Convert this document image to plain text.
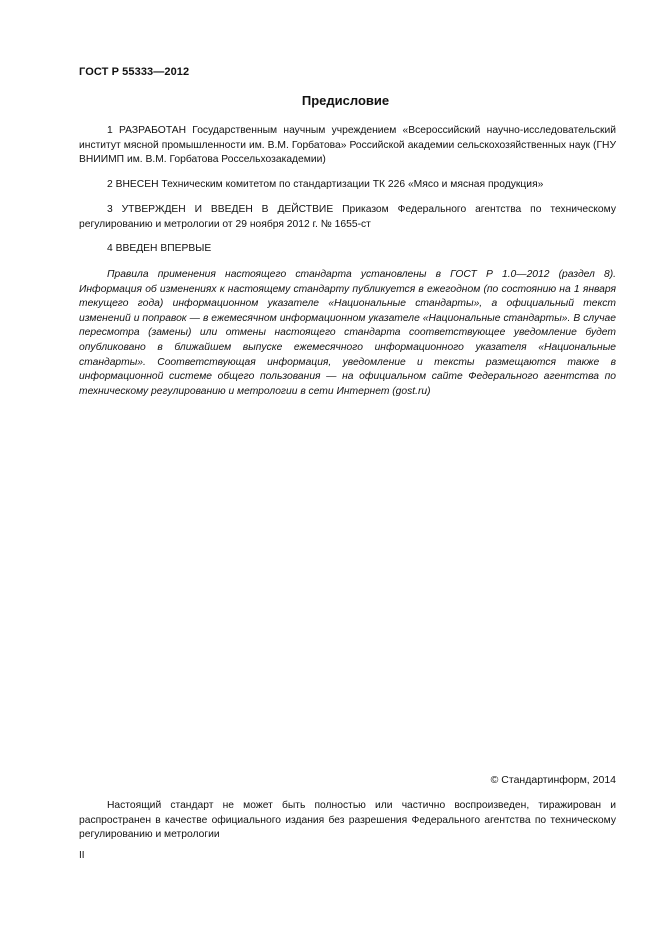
ГОСТ Р 55333—2012
Предисловие
1 РАЗРАБОТАН Государственным научным учреждением «Всероссийский научно-исследовательский институт мясной промышленности им. В.М. Горбатова» Российской академии сельскохозяйственных наук (ГНУ ВНИИМП им. В.М. Горбатова Россельхозакадемии)
2 ВНЕСЕН Техническим комитетом по стандартизации ТК 226 «Мясо и мясная продукция»
3 УТВЕРЖДЕН И ВВЕДЕН В ДЕЙСТВИЕ Приказом Федерального агентства по техническому регулированию и метрологии от 29 ноября 2012 г. № 1655-ст
4 ВВЕДЕН ВПЕРВЫЕ
Правила применения настоящего стандарта установлены в ГОСТ Р 1.0—2012 (раздел 8). Информация об изменениях к настоящему стандарту публикуется в ежегодном (по состоянию на 1 января текущего года) информационном указателе «Национальные стандарты», а официальный текст изменений и поправок — в ежемесячном информационном указателе «Национальные стандарты». В случае пересмотра (замены) или отмены настоящего стандарта соответствующее уведомление будет опубликовано в ближайшем выпуске ежемесячного информационного указателя «Национальные стандарты». Соответствующая информация, уведомление и тексты размещаются также в информационной системе общего пользования — на официальном сайте Федерального агентства по техническому регулированию и метрологии в сети Интернет (gost.ru)
© Стандартинформ, 2014
Настоящий стандарт не может быть полностью или частично воспроизведен, тиражирован и распространен в качестве официального издания без разрешения Федерального агентства по техническому регулированию и метрологии
II
